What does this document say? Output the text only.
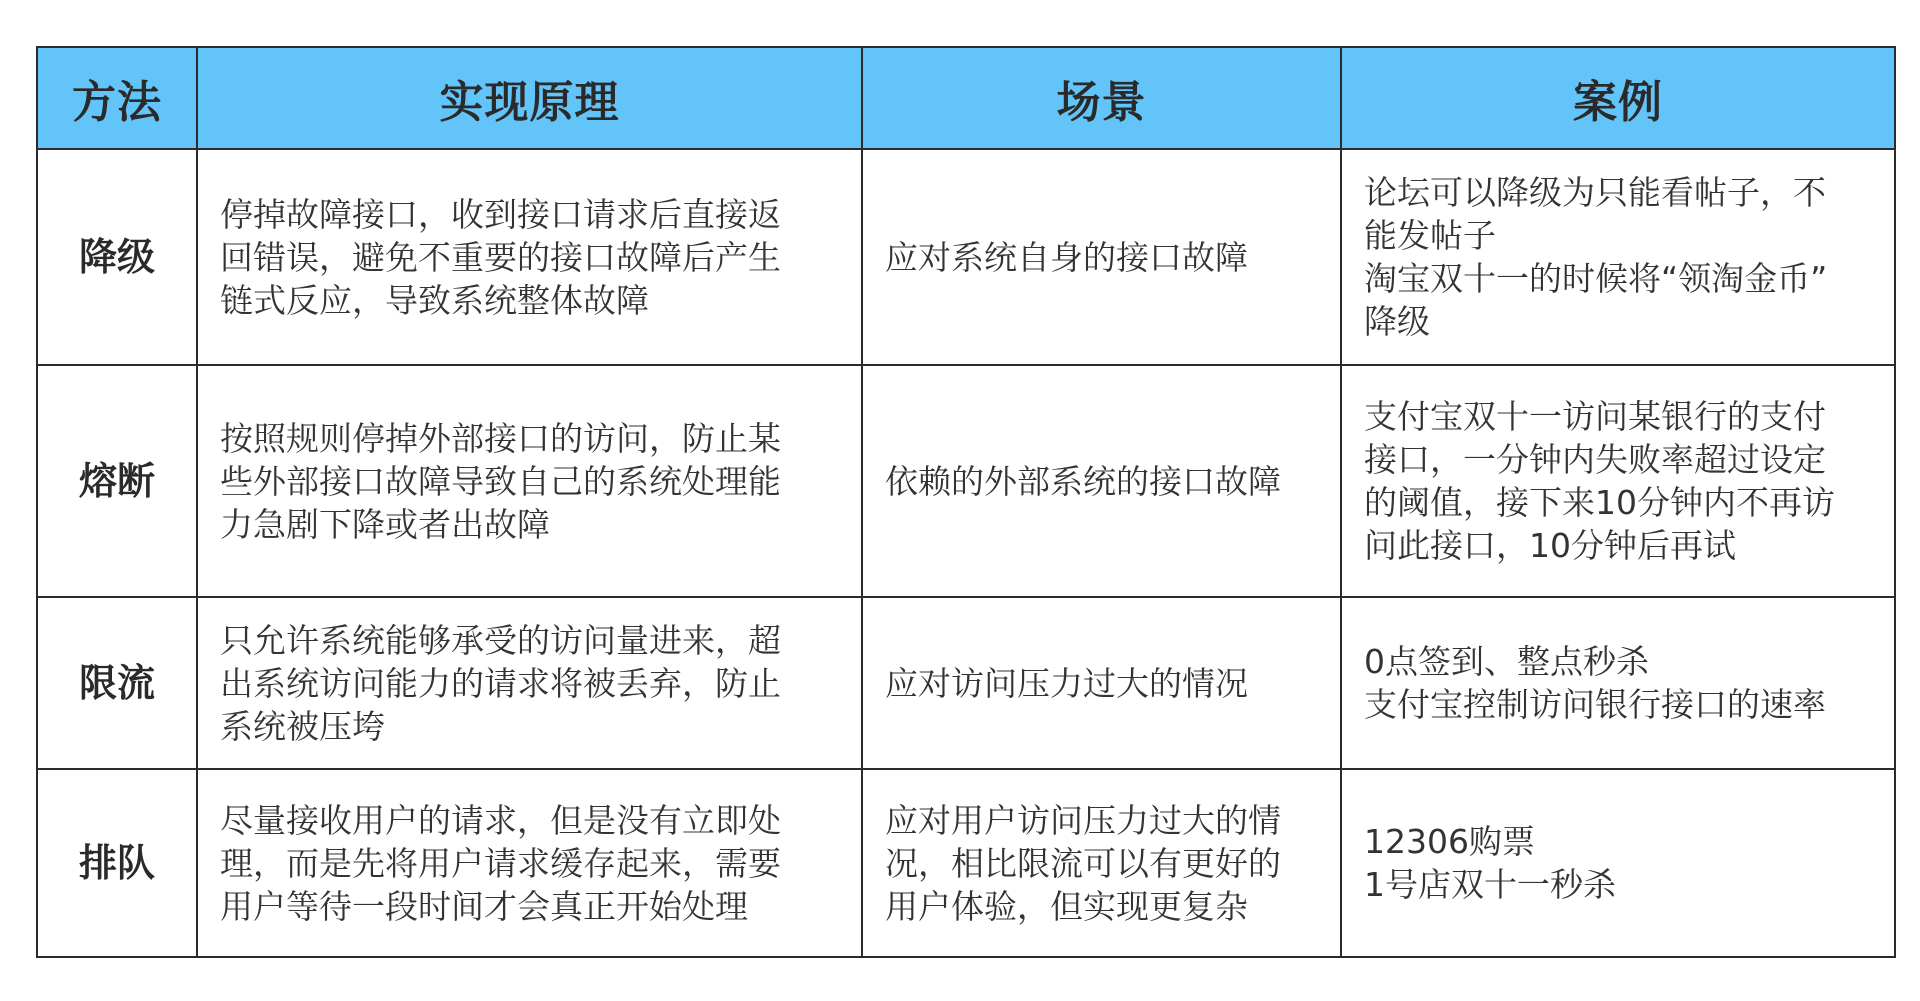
方法	实现原理	场景	案例
降级	停掉故障接口，收到接口请求后直接返
回错误，避免不重要的接口故障后产生
链式反应，导致系统整体故障	应对系统自身的接口故障	论坛可以降级为只能看帖子，不
能发帖子
淘宝双十一的时候将“领淘金币”
降级

熔断	按照规则停掉外部接口的访问，防止某
些外部接口故障导致自己的系统处理能
力急剧下降或者出故障	依赖的外部系统的接口故障	支付宝双十一访问某银行的支付
接口，一分钟内失败率超过设定
的阈值，接下来10分钟内不再访
问此接口，10分钟后再试

限流	只允许系统能够承受的访问量进来，超
出系统访问能力的请求将被丢弃，防止
系统被压垮	应对访问压力过大的情况	0点签到、整点秒杀
支付宝控制访问银行接口的速率

排队	尽量接收用户的请求，但是没有立即处
理，而是先将用户请求缓存起来，需要
用户等待一段时间才会真正开始处理	应对用户访问压力过大的情
况，相比限流可以有更好的
用户体验，但实现更复杂	12306购票
1号店双十一秒杀
